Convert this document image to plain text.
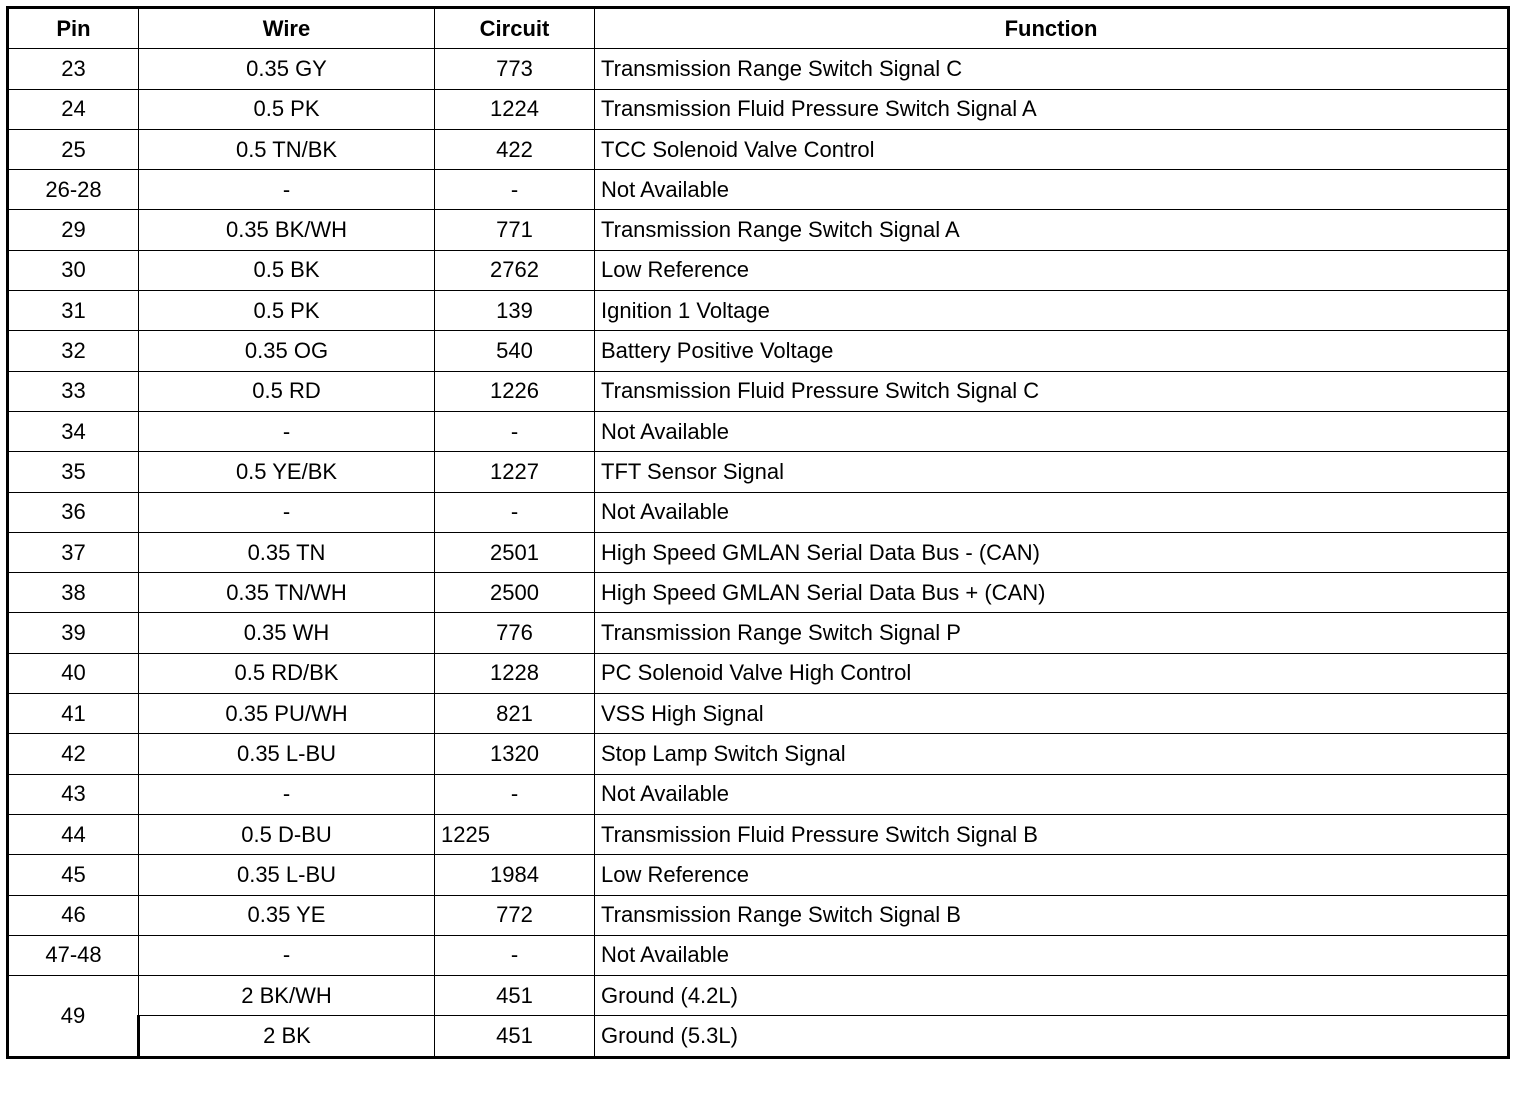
Pin	Wire	Circuit	Function
23	0.35 GY	773	Transmission Range Switch Signal C
24	0.5 PK	1224	Transmission Fluid Pressure Switch Signal A
25	0.5 TN/BK	422	TCC Solenoid Valve Control
26-28	-	-	Not Available
29	0.35 BK/WH	771	Transmission Range Switch Signal A
30	0.5 BK	2762	Low Reference
31	0.5 PK	139	Ignition 1 Voltage
32	0.35 OG	540	Battery Positive Voltage
33	0.5 RD	1226	Transmission Fluid Pressure Switch Signal C
34	-	-	Not Available
35	0.5 YE/BK	1227	TFT Sensor Signal
36	-	-	Not Available
37	0.35 TN	2501	High Speed GMLAN Serial Data Bus - (CAN)
38	0.35 TN/WH	2500	High Speed GMLAN Serial Data Bus + (CAN)
39	0.35 WH	776	Transmission Range Switch Signal P
40	0.5 RD/BK	1228	PC Solenoid Valve High Control
41	0.35 PU/WH	821	VSS High Signal
42	0.35 L-BU	1320	Stop Lamp Switch Signal
43	-	-	Not Available
44	0.5 D-BU	1225	Transmission Fluid Pressure Switch Signal B
45	0.35 L-BU	1984	Low Reference
46	0.35 YE	772	Transmission Range Switch Signal B
47-48	-	-	Not Available
49	2 BK/WH	451	Ground (4.2L)
	2 BK	451	Ground (5.3L)
